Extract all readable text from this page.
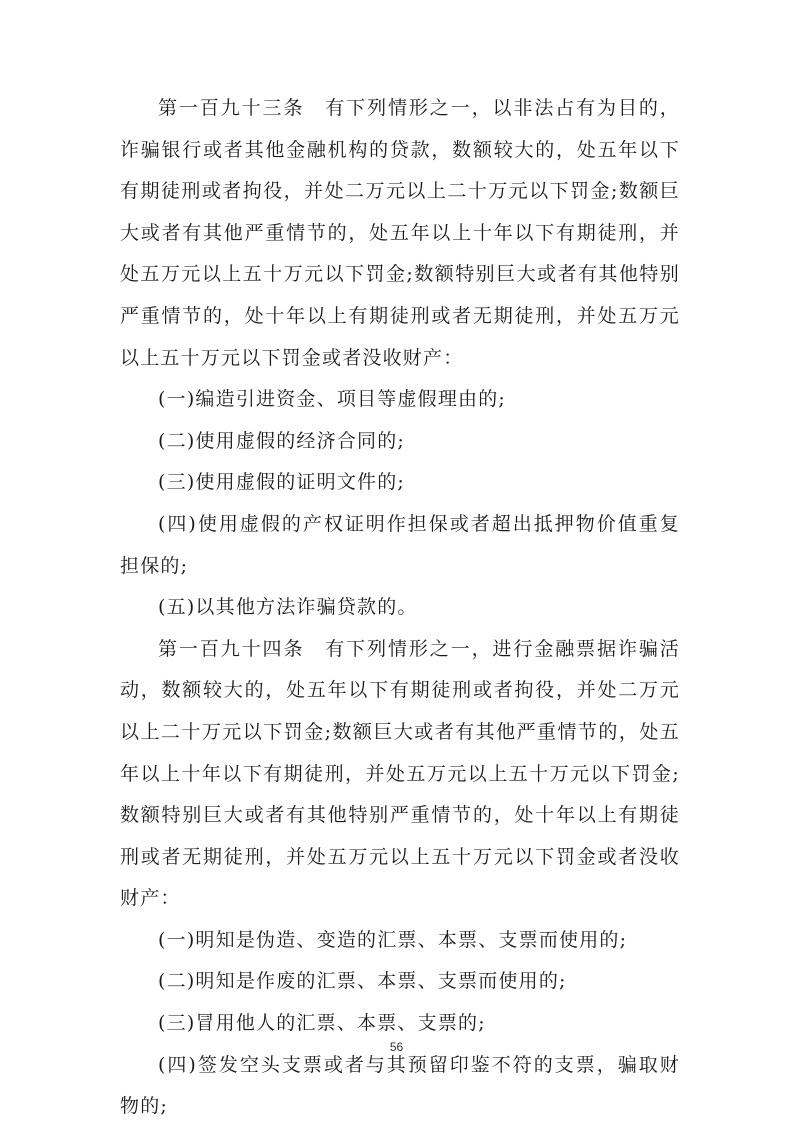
第一百九十三条　有下列情形之一，以非法占有为目的，诈骗银行或者其他金融机构的贷款，数额较大的，处五年以下有期徒刑或者拘役，并处二万元以上二十万元以下罚金;数额巨大或者有其他严重情节的，处五年以上十年以下有期徒刑，并处五万元以上五十万元以下罚金;数额特别巨大或者有其他特别严重情节的，处十年以上有期徒刑或者无期徒刑，并处五万元以上五十万元以下罚金或者没收财产：

(一)编造引进资金、项目等虚假理由的;

(二)使用虚假的经济合同的;

(三)使用虚假的证明文件的;

(四)使用虚假的产权证明作担保或者超出抵押物价值重复担保的;

(五)以其他方法诈骗贷款的。

第一百九十四条　有下列情形之一，进行金融票据诈骗活动，数额较大的，处五年以下有期徒刑或者拘役，并处二万元以上二十万元以下罚金;数额巨大或者有其他严重情节的，处五年以上十年以下有期徒刑，并处五万元以上五十万元以下罚金;数额特别巨大或者有其他特别严重情节的，处十年以上有期徒刑或者无期徒刑，并处五万元以上五十万元以下罚金或者没收财产：

(一)明知是伪造、变造的汇票、本票、支票而使用的;

(二)明知是作废的汇票、本票、支票而使用的;

(三)冒用他人的汇票、本票、支票的;

(四)签发空头支票或者与其预留印鉴不符的支票，骗取财物的;

56
